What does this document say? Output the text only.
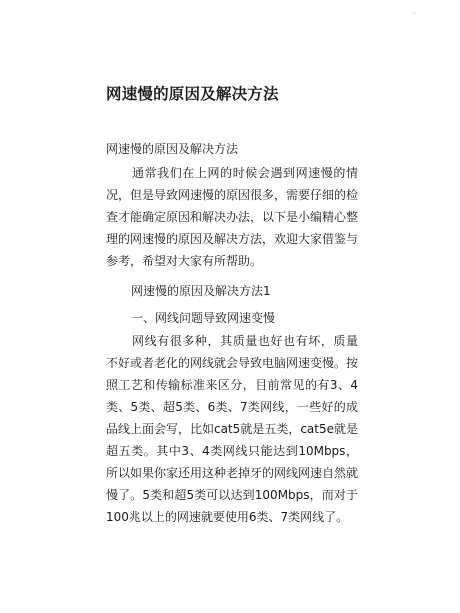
·
网速慢的原因及解决方法
网速慢的原因及解决方法

通常我们在上网的时候会遇到网速慢的情况，但是导致网速慢的原因很多，需要仔细的检查才能确定原因和解决办法，以下是小编精心整理的网速慢的原因及解决方法，欢迎大家借鉴与参考，希望对大家有所帮助。

网速慢的原因及解决方法1
一、网线问题导致网速变慢

网线有很多种，其质量也好也有坏，质量不好或者老化的网线就会导致电脑网速变慢。按照工艺和传输标准来区分，目前常见的有3、4类、5类、超5类、6类、7类网线，一些好的成品线上面会写，比如cat5就是五类，cat5e就是超五类。其中3、4类网线只能达到10Mbps，所以如果你家还用这种老掉牙的网线网速自然就慢了。5类和超5类可以达到100Mbps，而对于100兆以上的网速就要使用6类、7类网线了。
